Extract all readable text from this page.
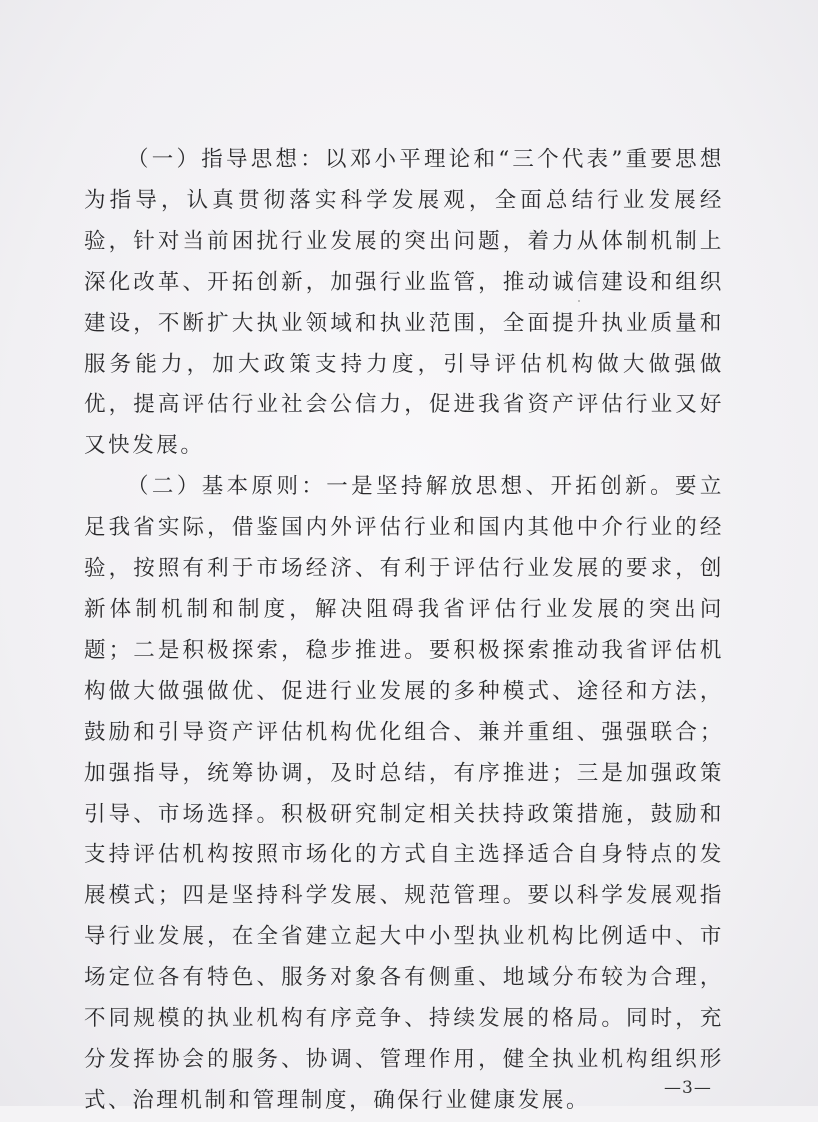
（一）指导思想：以邓小平理论和“三个代表”重要思想为指导，认真贯彻落实科学发展观，全面总结行业发展经验，针对当前困扰行业发展的突出问题，着力从体制机制上深化改革、开拓创新，加强行业监管，推动诚信建设和组织建设，不断扩大执业领域和执业范围，全面提升执业质量和服务能力，加大政策支持力度，引导评估机构做大做强做优，提高评估行业社会公信力，促进我省资产评估行业又好又快发展。

（二）基本原则：一是坚持解放思想、开拓创新。要立足我省实际，借鉴国内外评估行业和国内其他中介行业的经验，按照有利于市场经济、有利于评估行业发展的要求，创新体制机制和制度，解决阻碍我省评估行业发展的突出问题；二是积极探索，稳步推进。要积极探索推动我省评估机构做大做强做优、促进行业发展的多种模式、途径和方法，鼓励和引导资产评估机构优化组合、兼并重组、强强联合；加强指导，统筹协调，及时总结，有序推进；三是加强政策引导、市场选择。积极研究制定相关扶持政策措施，鼓励和支持评估机构按照市场化的方式自主选择适合自身特点的发展模式；四是坚持科学发展、规范管理。要以科学发展观指导行业发展，在全省建立起大中小型执业机构比例适中、市场定位各有特色、服务对象各有侧重、地域分布较为合理，不同规模的执业机构有序竞争、持续发展的格局。同时，充分发挥协会的服务、协调、管理作用，健全执业机构组织形式、治理机制和管理制度，确保行业健康发展。	—3—
